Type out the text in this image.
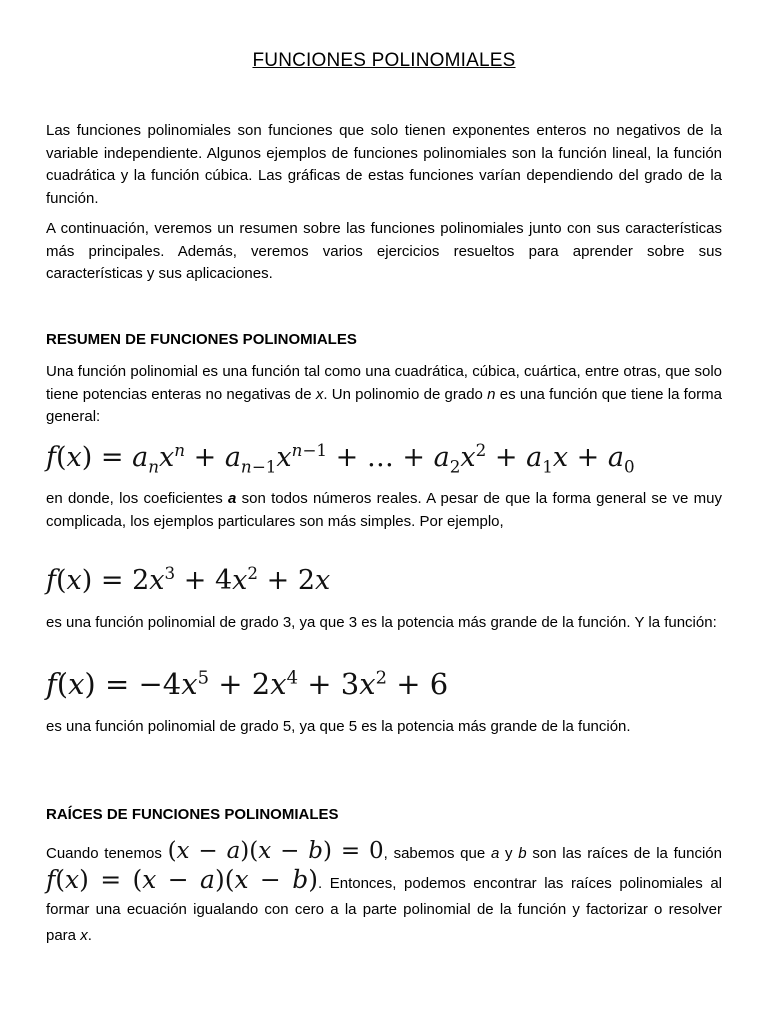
FUNCIONES POLINOMIALES

Las funciones polinomiales son funciones que solo tienen exponentes enteros no negativos de la variable independiente. Algunos ejemplos de funciones polinomiales son la función lineal, la función cuadrática y la función cúbica. Las gráficas de estas funciones varían dependiendo del grado de la función.

A continuación, veremos un resumen sobre las funciones polinomiales junto con sus características más principales. Además, veremos varios ejercicios resueltos para aprender sobre sus características y sus aplicaciones.

RESUMEN DE FUNCIONES POLINOMIALES

Una función polinomial es una función tal como una cuadrática, cúbica, cuártica, entre otras, que solo tiene potencias enteras no negativas de x. Un polinomio de grado n es una función que tiene la forma general:

$f(x) = a_nx^n + a_{n-1}x^{n-1}$ + … + $a_2x^2 + a_1x + a_0$

en donde, los coeficientes a son todos números reales. A pesar de que la forma general se ve muy complicada, los ejemplos particulares son más simples. Por ejemplo,

$f(x) = 2x^3 + 4x^2 + 2x$

es una función polinomial de grado 3, ya que 3 es la potencia más grande de la función. Y la función:

$f(x) = -4x^5 + 2x^4 + 3x^2 + 6$

es una función polinomial de grado 5, ya que 5 es la potencia más grande de la función.

RAÍCES DE FUNCIONES POLINOMIALES
Cuando tenemos (x − a)(x − b) = 0, sabemos que a y b son las raíces de la función f(x) = (x − a)(x − b). Entonces, podemos encontrar las raíces polinomiales al formar una ecuación igualando con cero a la parte polinomial de la función y factorizar o resolver para x.
